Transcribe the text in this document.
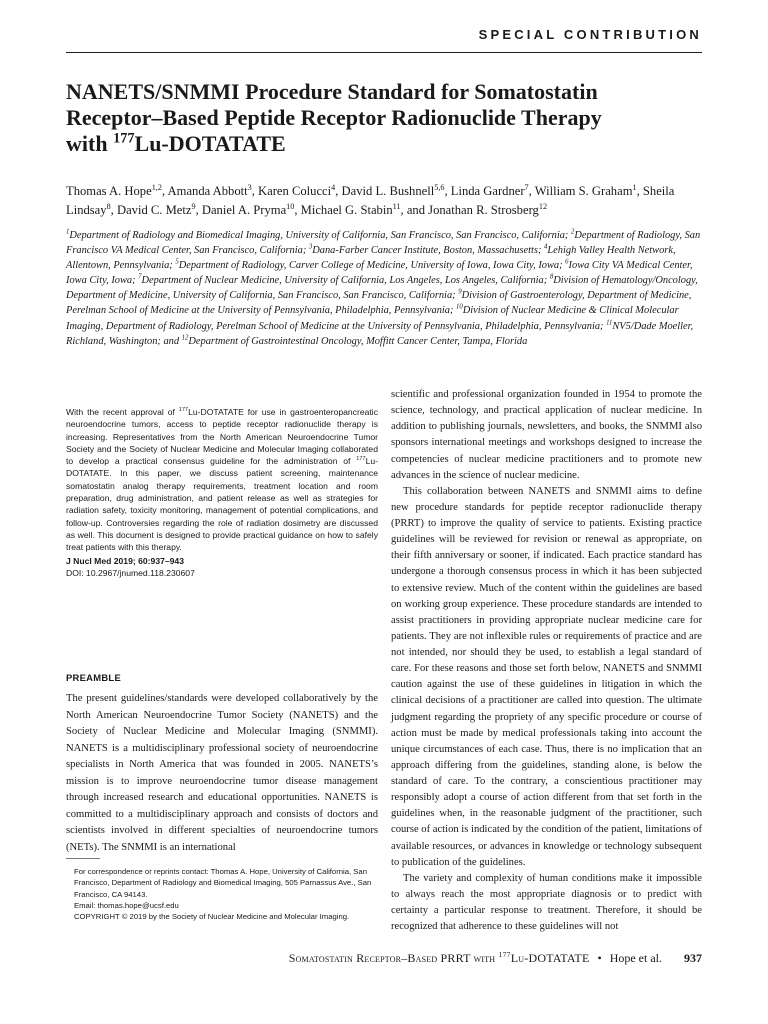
SPECIAL CONTRIBUTION
NANETS/SNMMI Procedure Standard for Somatostatin
Receptor–Based Peptide Receptor Radionuclide Therapy
with $^{177}$Lu-DOTATATE
Thomas A. Hope$^{1,2}$, Amanda Abbott$^3$, Karen Colucci$^4$, David L. Bushnell$^{5,6}$, Linda Gardner$^7$, William S. Graham$^1$, Sheila Lindsay$^8$, David C. Metz$^9$, Daniel A. Pryma$^{10}$, Michael G. Stabin$^{11}$, and Jonathan R. Strosberg$^{12}$
$^1$Department of Radiology and Biomedical Imaging, University of California, San Francisco, San Francisco, California; $^2$Department of Radiology, San Francisco VA Medical Center, San Francisco, California; $^3$Dana-Farber Cancer Institute, Boston, Massachusetts; $^4$Lehigh Valley Health Network, Allentown, Pennsylvania; $^5$Department of Radiology, Carver College of Medicine, University of Iowa, Iowa City, Iowa; $^6$Iowa City VA Medical Center, Iowa City, Iowa; $^7$Department of Nuclear Medicine, University of California, Los Angeles, Los Angeles, California; $^8$Division of Hematology/Oncology, Department of Medicine, University of California, San Francisco, San Francisco, California; $^9$Division of Gastroenterology, Department of Medicine, Perelman School of Medicine at the University of Pennsylvania, Philadelphia, Pennsylvania; $^{10}$Division of Nuclear Medicine & Clinical Molecular Imaging, Department of Radiology, Perelman School of Medicine at the University of Pennsylvania, Philadelphia, Pennsylvania; $^{11}$NV5/Dade Moeller, Richland, Washington; and $^{12}$Department of Gastrointestinal Oncology, Moffitt Cancer Center, Tampa, Florida
With the recent approval of $^{177}$Lu-DOTATATE for use in gastroenteropancreatic neuroendocrine tumors, access to peptide receptor radionuclide therapy is increasing. Representatives from the North American Neuroendocrine Tumor Society and the Society of Nuclear Medicine and Molecular Imaging collaborated to develop a practical consensus guideline for the administration of $^{177}$Lu-DOTATATE. In this paper, we discuss patient screening, maintenance somatostatin analog therapy requirements, treatment location and room preparation, drug administration, and patient release as well as strategies for radiation safety, toxicity monitoring, management of potential complications, and follow-up. Controversies regarding the role of radiation dosimetry are discussed as well. This document is designed to provide practical guidance on how to safely treat patients with this therapy.
J Nucl Med 2019; 60:937–943
DOI: 10.2967/jnumed.118.230607
PREAMBLE

The present guidelines/standards were developed collaboratively by the North American Neuroendocrine Tumor Society (NANETS) and the Society of Nuclear Medicine and Molecular Imaging (SNMMI). NANETS is a multidisciplinary professional society of neuroendocrine specialists in North America that was founded in 2005. NANETS’s mission is to improve neuroendocrine tumor disease management through increased research and educational opportunities. NANETS is committed to a multidisciplinary approach and consists of doctors and scientists involved in different specialties of neuroendocrine tumors (NETs). The SNMMI is an international

scientific and professional organization founded in 1954 to promote the science, technology, and practical application of nuclear medicine. In addition to publishing journals, newsletters, and books, the SNMMI also sponsors international meetings and workshops designed to increase the competencies of nuclear medicine practitioners and to promote new advances in the science of nuclear medicine.

This collaboration between NANETS and SNMMI aims to define new procedure standards for peptide receptor radionuclide therapy (PRRT) to improve the quality of service to patients. Existing practice guidelines will be reviewed for revision or renewal as appropriate, on their fifth anniversary or sooner, if indicated. Each practice standard has undergone a thorough consensus process in which it has been subjected to extensive review. Much of the content within the guidelines are based on working group experience. These procedure standards are intended to assist practitioners in providing appropriate nuclear medicine care for patients. They are not inflexible rules or requirements of practice and are not intended, nor should they be used, to establish a legal standard of care. For these reasons and those set forth below, NANETS and SNMMI caution against the use of these guidelines in litigation in which the clinical decisions of a practitioner are called into question. The ultimate judgment regarding the propriety of any specific procedure or course of action must be made by medical professionals taking into account the unique circumstances of each case. Thus, there is no implication that an approach differing from the guidelines, standing alone, is below the standard of care. To the contrary, a conscientious practitioner may responsibly adopt a course of action different from that set forth in the guidelines when, in the reasonable judgment of the practitioner, such course of action is indicated by the condition of the patient, limitations of available resources, or advances in knowledge or technology subsequent to publication of the guidelines.

The variety and complexity of human conditions make it impossible to always reach the most appropriate diagnosis or to predict with certainty a particular response to treatment. Therefore, it should be recognized that adherence to these guidelines will not

For correspondence or reprints contact: Thomas A. Hope, University of California, San Francisco, Department of Radiology and Biomedical Imaging, 505 Parnassus Ave., San Francisco, CA 94143.

Email: thomas.hope@ucsf.edu

COPYRIGHT © 2019 by the Society of Nuclear Medicine and Molecular Imaging.

Somatostatin Receptor–Based PRRT with $^{177}$Lu-DOTATATE • Hope et al. 937
